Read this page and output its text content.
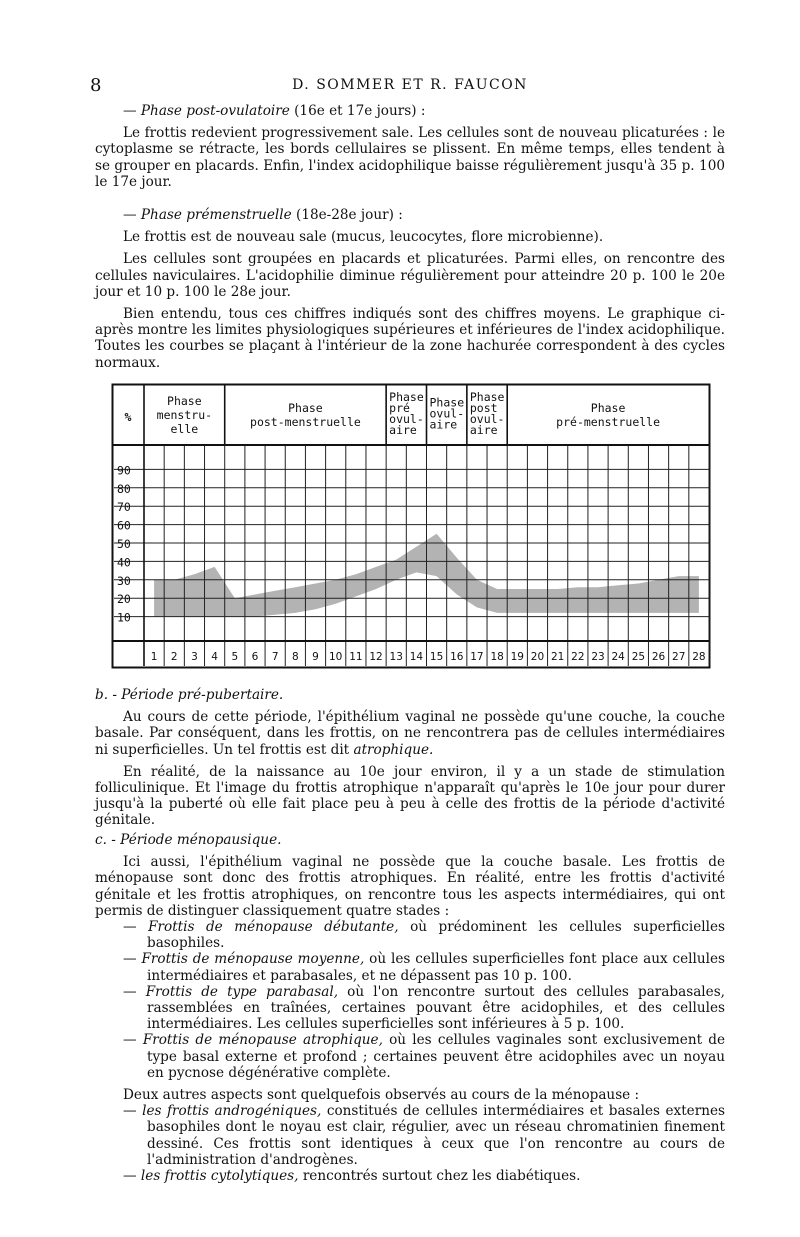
8	D. SOMMER ET R. FAUCON

— Phase post-ovulatoire (16e et 17e jours) :

Le frottis redevient progressivement sale. Les cellules sont de nouveau plicaturées : le cytoplasme se rétracte, les bords cellulaires se plissent. En même temps, elles tendent à se grouper en placards. Enfin, l'index acidophilique baisse régulièrement jusqu'à 35 p. 100 le 17e jour.

— Phase prémenstruelle (18e-28e jour) :

Le frottis est de nouveau sale (mucus, leucocytes, flore microbienne).

Les cellules sont groupées en placards et plicaturées. Parmi elles, on rencontre des cellules naviculaires. L'acidophilie diminue régulièrement pour atteindre 20 p. 100 le 20e jour et 10 p. 100 le 28e jour.

Bien entendu, tous ces chiffres indiqués sont des chiffres moyens. Le graphique ci-après montre les limites physiologiques supérieures et inférieures de l'index acidophilique. Toutes les courbes se plaçant à l'intérieur de la zone hachurée correspondent à des cycles normaux.

90
80
70
60
50
40
30
20
10
%
1 2 3 4 5 6 7 8 9 10 11 12 13 14 15 16 17 18 19 20 21 22 23 24 25 26 27 28
Phase menstru-elle
Phase post-menstruelle
Phase pré ovul-aire
Phase ovul-aire
Phase post ovul-aire
Phase pré-menstruelle

b. - Période pré-pubertaire.

Au cours de cette période, l'épithélium vaginal ne possède qu'une couche, la couche basale. Par conséquent, dans les frottis, on ne rencontrera pas de cellules intermédiaires ni superficielles. Un tel frottis est dit atrophique.

En réalité, de la naissance au 10e jour environ, il y a un stade de stimulation folliculinique. Et l'image du frottis atrophique n'apparaît qu'après le 10e jour pour durer jusqu'à la puberté où elle fait place peu à peu à celle des frottis de la période d'activité génitale.

c. - Période ménopausique.

Ici aussi, l'épithélium vaginal ne possède que la couche basale. Les frottis de ménopause sont donc des frottis atrophiques. En réalité, entre les frottis d'activité génitale et les frottis atrophiques, on rencontre tous les aspects intermédiaires, qui ont permis de distinguer classiquement quatre stades :

— Frottis de ménopause débutante, où prédominent les cellules superficielles basophiles.

— Frottis de ménopause moyenne, où les cellules superficielles font place aux cellules intermédiaires et parabasales, et ne dépassent pas 10 p. 100.

— Frottis de type parabasal, où l'on rencontre surtout des cellules parabasales, rassemblées en traînées, certaines pouvant être acidophiles, et des cellules intermédiaires. Les cellules superficielles sont inférieures à 5 p. 100.

— Frottis de ménopause atrophique, où les cellules vaginales sont exclusivement de type basal externe et profond ; certaines peuvent être acidophiles avec un noyau en pycnose dégénérative complète.

Deux autres aspects sont quelquefois observés au cours de la ménopause :

— les frottis androgéniques, constitués de cellules intermédiaires et basales externes basophiles dont le noyau est clair, régulier, avec un réseau chromatinien finement dessiné. Ces frottis sont identiques à ceux que l'on rencontre au cours de l'administration d'androgènes.

— les frottis cytolytiques, rencontrés surtout chez les diabétiques.
